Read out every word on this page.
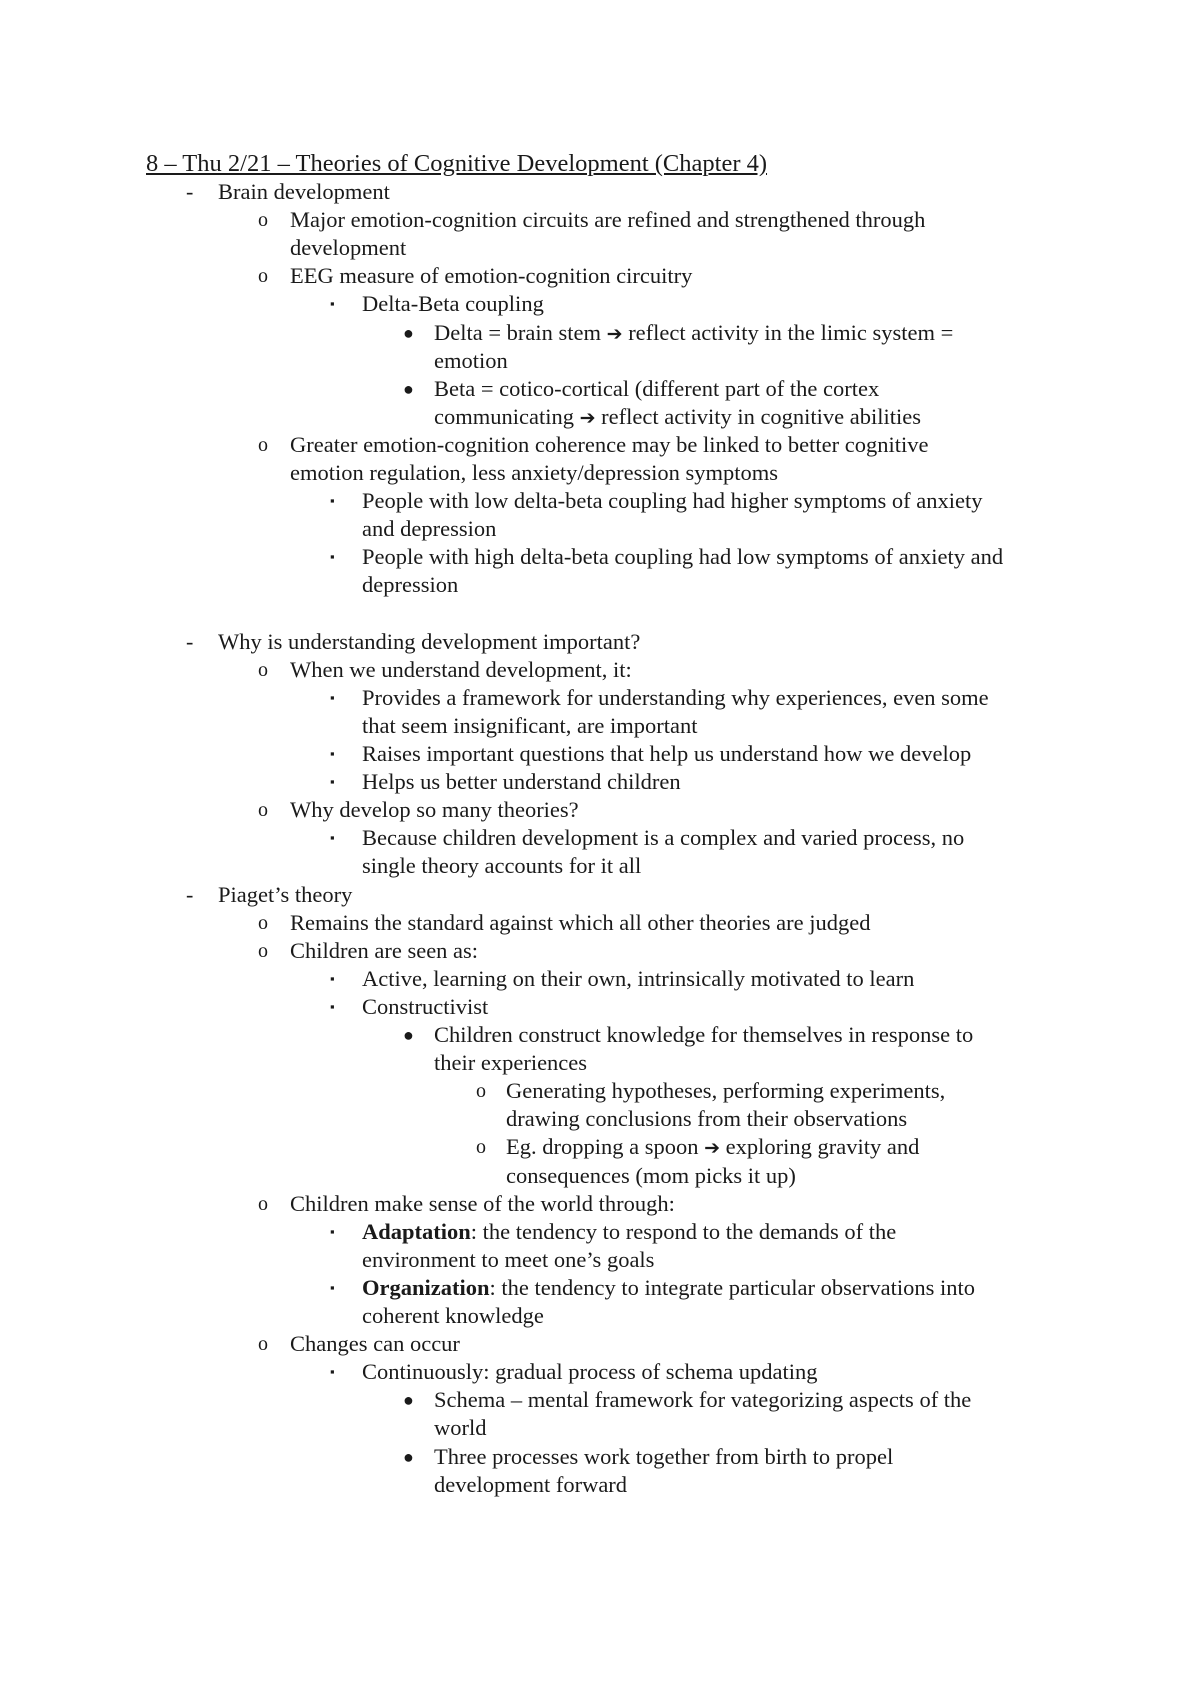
8 – Thu 2/21 – Theories of Cognitive Development (Chapter 4)
- Brain development
o Major emotion-cognition circuits are refined and strengthened through
development
o EEG measure of emotion-cognition circuitry
▪ Delta-Beta coupling
● Delta = brain stem ➔ reflect activity in the limic system =
emotion
● Beta = cotico-cortical (different part of the cortex
communicating ➔ reflect activity in cognitive abilities
o Greater emotion-cognition coherence may be linked to better cognitive
emotion regulation, less anxiety/depression symptoms
▪ People with low delta-beta coupling had higher symptoms of anxiety
and depression
▪ People with high delta-beta coupling had low symptoms of anxiety and
depression
- Why is understanding development important?
o When we understand development, it:
▪ Provides a framework for understanding why experiences, even some
that seem insignificant, are important
▪ Raises important questions that help us understand how we develop
▪ Helps us better understand children
o Why develop so many theories?
▪ Because children development is a complex and varied process, no
single theory accounts for it all
- Piaget’s theory
o Remains the standard against which all other theories are judged
o Children are seen as:
▪ Active, learning on their own, intrinsically motivated to learn
▪ Constructivist
● Children construct knowledge for themselves in response to
their experiences
o Generating hypotheses, performing experiments,
drawing conclusions from their observations
o Eg. dropping a spoon ➔ exploring gravity and
consequences (mom picks it up)
o Children make sense of the world through:
▪ Adaptation: the tendency to respond to the demands of the
environment to meet one’s goals
▪ Organization: the tendency to integrate particular observations into
coherent knowledge
o Changes can occur
▪ Continuously: gradual process of schema updating
● Schema – mental framework for vategorizing aspects of the
world
● Three processes work together from birth to propel
development forward
